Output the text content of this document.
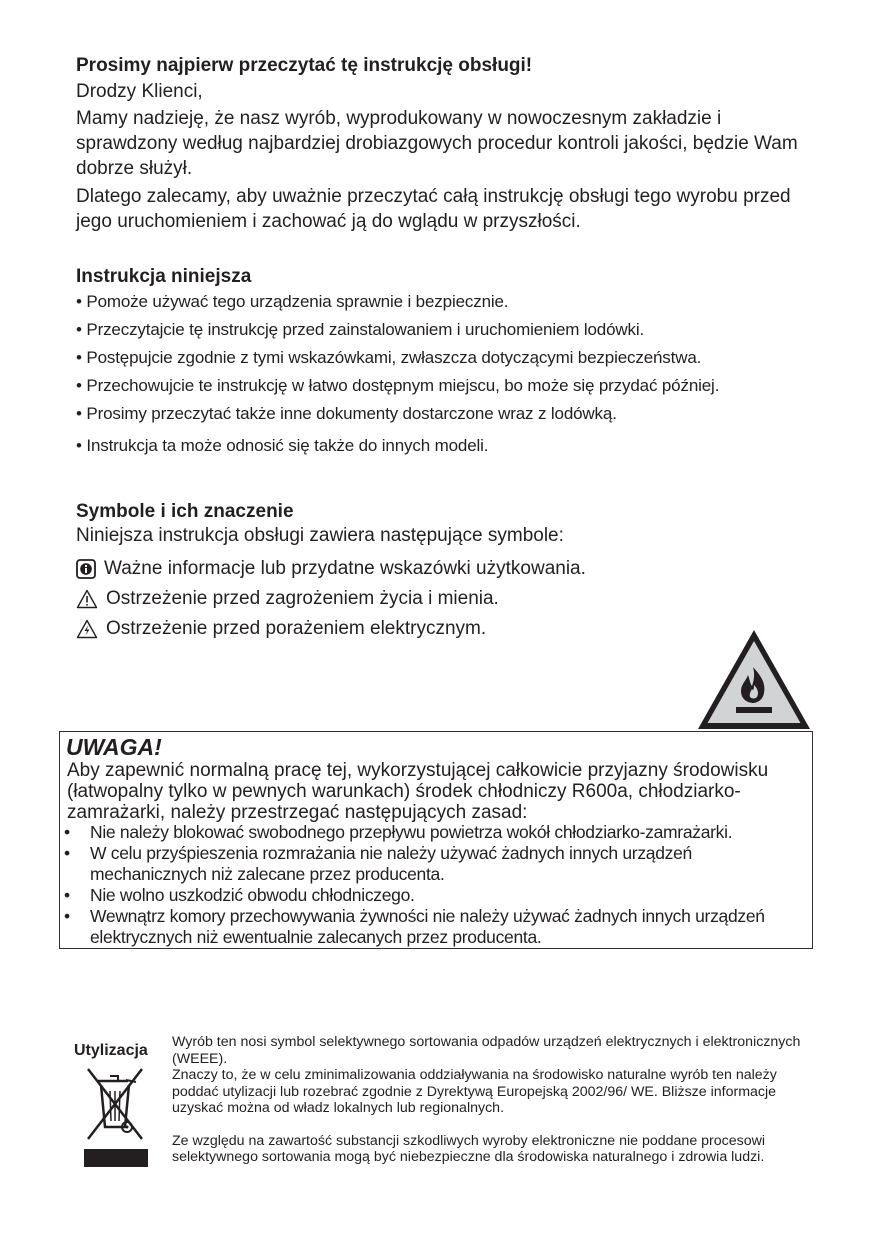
Prosimy najpierw przeczytać tę instrukcję obsługi!
Drodzy Klienci,
Mamy nadzieję, że nasz wyrób, wyprodukowany w nowoczesnym zakładzie i sprawdzony według najbardziej drobiazgowych procedur kontroli jakości, będzie Wam dobrze służył.
Dlatego zalecamy, aby uważnie przeczytać całą instrukcję obsługi tego wyrobu przed jego uruchomieniem i zachować ją do wglądu w przyszłości.
Instrukcja niniejsza
• Pomoże używać tego urządzenia sprawnie i bezpiecznie.
• Przeczytajcie tę instrukcję przed zainstalowaniem i uruchomieniem lodówki.
• Postępujcie zgodnie z tymi wskazówkami, zwłaszcza dotyczącymi bezpieczeństwa.
• Przechowujcie te instrukcję w łatwo dostępnym miejscu, bo może się przydać później.
• Prosimy przeczytać także inne dokumenty dostarczone wraz z lodówką.
• Instrukcja ta może odnosić się także do innych modeli.
Symbole i ich znaczenie
Niniejsza instrukcja obsługi zawiera następujące symbole:
Ważne informacje lub przydatne wskazówki użytkowania.
Ostrzeżenie przed zagrożeniem życia i mienia.
Ostrzeżenie przed porażeniem elektrycznym.
UWAGA!
Aby zapewnić normalną pracę tej, wykorzystującej całkowicie przyjazny środowisku (łatwopalny tylko w pewnych warunkach) środek chłodniczy R600a, chłodziarko-zamrażarki, należy przestrzegać następujących zasad:
• Nie należy blokować swobodnego przepływu powietrza wokół chłodziarko-zamrażarki.
• W celu przyśpieszenia rozmrażania nie należy używać żadnych innych urządzeń mechanicznych niż zalecane przez producenta.
• Nie wolno uszkodzić obwodu chłodniczego.
• Wewnątrz komory przechowywania żywności nie należy używać żadnych innych urządzeń elektrycznych niż ewentualnie zalecanych przez producenta.
Utylizacja Wyrób ten nosi symbol selektywnego sortowania odpadów urządzeń elektrycznych i elektronicznych (WEEE).

Znaczy to, że w celu zminimalizowania oddziaływania na środowisko naturalne wyrób ten należy poddać utylizacji lub rozebrać zgodnie z Dyrektywą Europejską 2002/96/ WE. Bliższe informacje uzyskać można od władz lokalnych lub regionalnych.

Ze względu na zawartość substancji szkodliwych wyroby elektroniczne nie poddane procesowi selektywnego sortowania mogą być niebezpieczne dla środowiska naturalnego i zdrowia ludzi.
